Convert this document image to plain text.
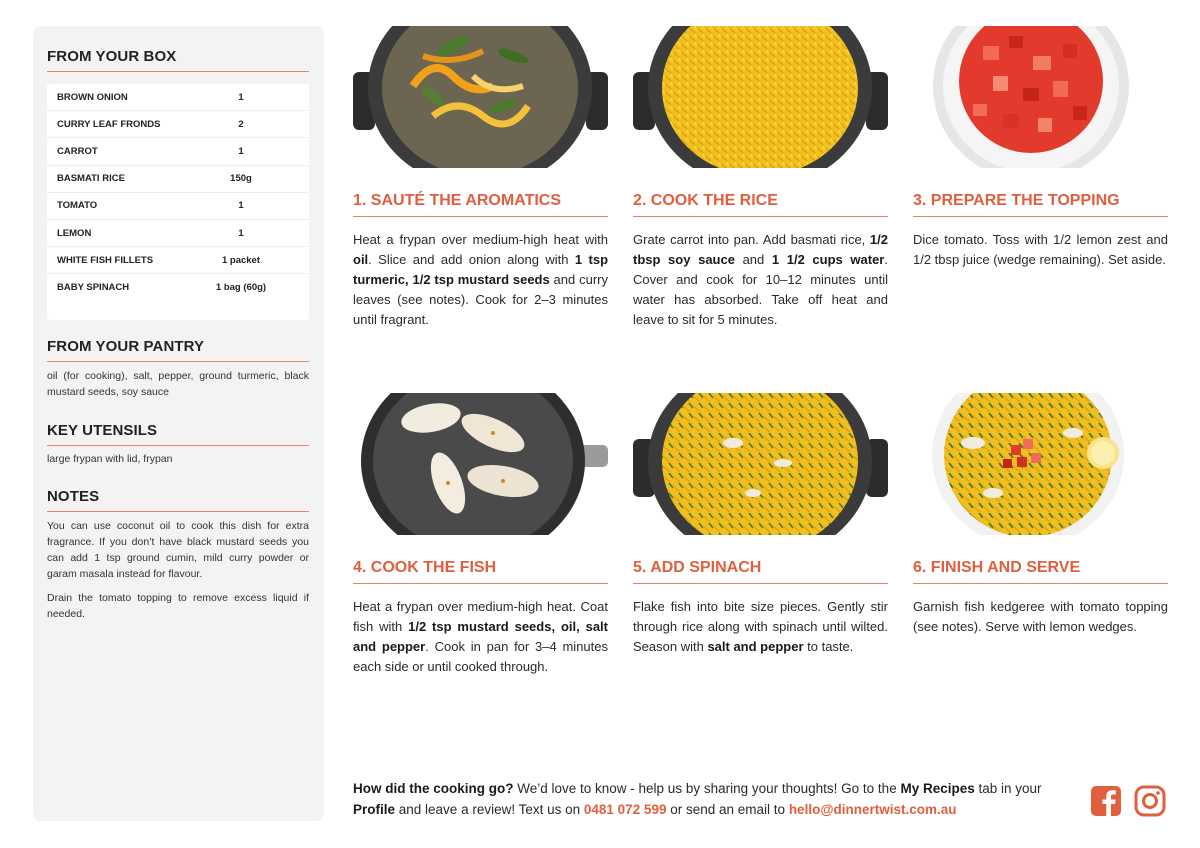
FROM YOUR BOX
BROWN ONION	1
CURRY LEAF FRONDS	2
CARROT	1
BASMATI RICE	150g
TOMATO	1
LEMON	1
WHITE FISH FILLETS	1 packet
BABY SPINACH	1 bag (60g)
FROM YOUR PANTRY
oil (for cooking), salt, pepper, ground turmeric, black mustard seeds, soy sauce
KEY UTENSILS
large frypan with lid, frypan
NOTES

You can use coconut oil to cook this dish for extra fragrance. If you don’t have black mustard seeds you can add 1 tsp ground cumin, mild curry powder or garam masala instead for flavour.

Drain the tomato topping to remove excess liquid if needed.

1. SAUTÉ THE AROMATICS
Heat a frypan over medium-high heat with oil. Slice and add onion along with 1 tsp turmeric, 1/2 tsp mustard seeds and curry leaves (see notes). Cook for 2–3 minutes until fragrant.
2. COOK THE RICE
Grate carrot into pan. Add basmati rice, 1/2 tbsp soy sauce and 1 1/2 cups water. Cover and cook for 10–12 minutes until water has absorbed. Take off heat and leave to sit for 5 minutes.
3. PREPARE THE TOPPING
Dice tomato. Toss with 1/2 lemon zest and 1/2 tbsp juice (wedge remaining). Set aside.
4. COOK THE FISH
Heat a frypan over medium-high heat. Coat fish with 1/2 tsp mustard seeds, oil, salt and pepper. Cook in pan for 3–4 minutes each side or until cooked through.
5. ADD SPINACH
Flake fish into bite size pieces. Gently stir through rice along with spinach until wilted. Season with salt and pepper to taste.
6. FINISH AND SERVE
Garnish fish kedgeree with tomato topping (see notes). Serve with lemon wedges.
How did the cooking go? We’d love to know - help us by sharing your thoughts! Go to the My Recipes tab in your Profile and leave a review! Text us on 0481 072 599 or send an email to hello@dinnertwist.com.au
